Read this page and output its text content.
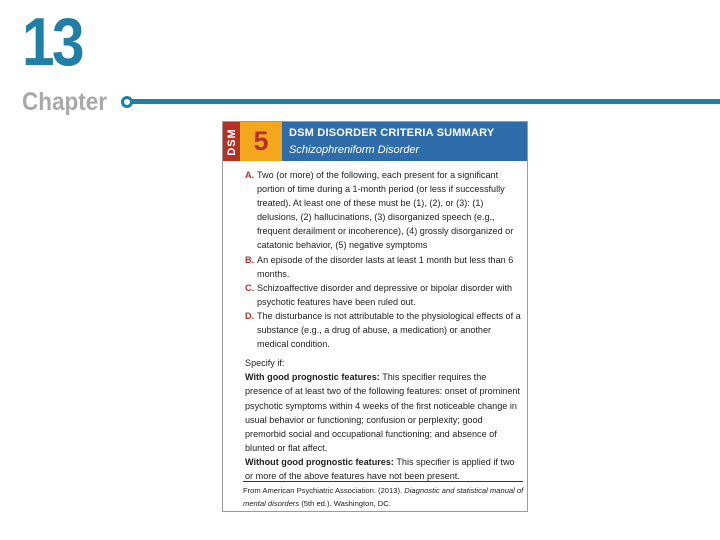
13
Chapter
DSM 5	DSM DISORDER CRITERIA SUMMARY
Schizophreniform Disorder
A. Two (or more) of the following, each present for a significant portion of time during a 1-month period (or less if successfully treated). At least one of these must be (1), (2), or (3): (1) delusions, (2) hallucinations, (3) disorganized speech (e.g., frequent derailment or incoherence), (4) grossly disorganized or catatonic behavior, (5) negative symptoms
B. An episode of the disorder lasts at least 1 month but less than 6 months.
C. Schizoaffective disorder and depressive or bipolar disorder with psychotic features have been ruled out.
D. The disturbance is not attributable to the physiological effects of a substance (e.g., a drug of abuse, a medication) or another medical condition.
Specify if:
With good prognostic features: This specifier requires the presence of at least two of the following features: onset of prominent psychotic symptoms within 4 weeks of the first noticeable change in usual behavior or functioning; confusion or perplexity; good premorbid social and occupational functioning; and absence of blunted or flat affect.
Without good prognostic features: This specifier is applied if two or more of the above features have not been present.
From American Psychiatric Association. (2013). Diagnostic and statistical manual of mental disorders (5th ed.). Washington, DC.
